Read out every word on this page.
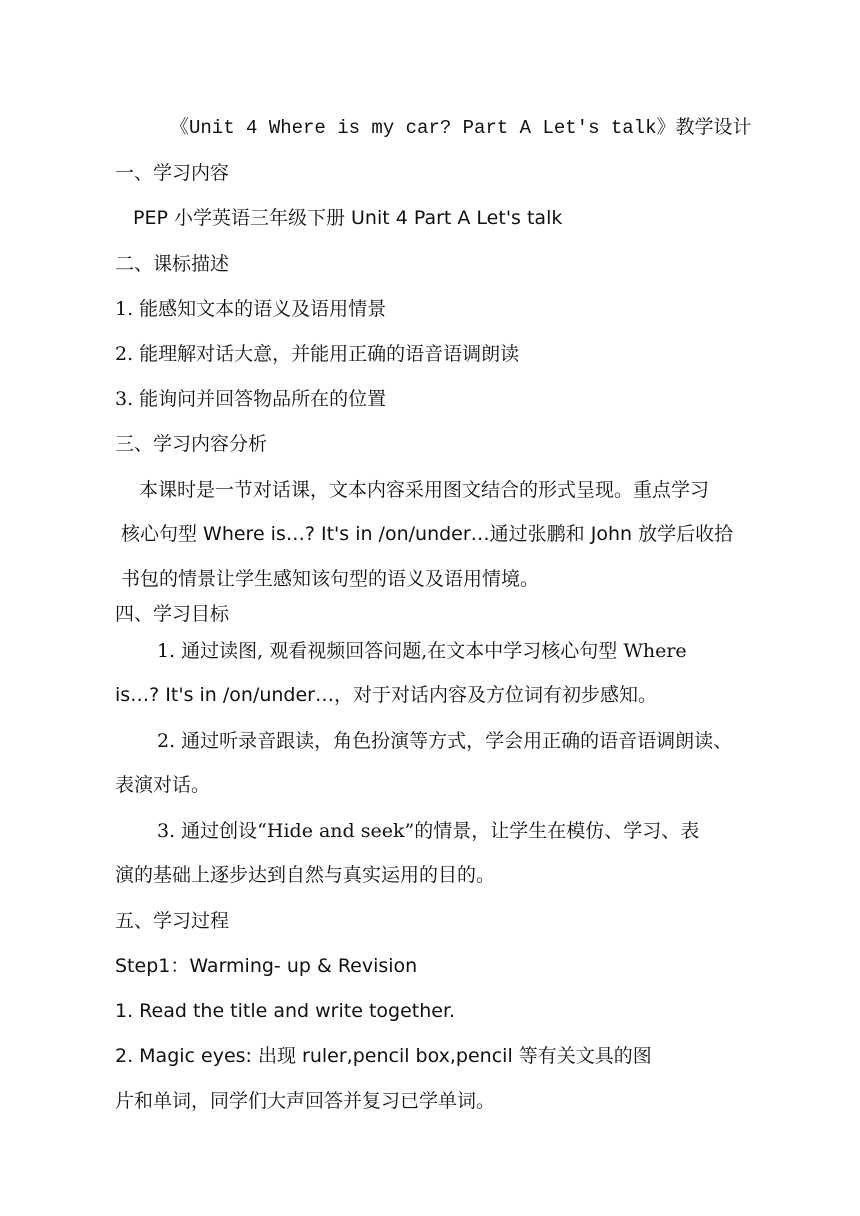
《Unit 4 Where is my car? Part A Let's talk》教学设计
一、学习内容
PEP 小学英语三年级下册 Unit 4 Part A Let's talk
二、课标描述
1. 能感知文本的语义及语用情景
2. 能理解对话大意，并能用正确的语音语调朗读
3. 能询问并回答物品所在的位置
三、学习内容分析
本课时是一节对话课，文本内容采用图文结合的形式呈现。重点学习
核心句型 Where is…? It's in /on/under…通过张鹏和 John 放学后收拾
书包的情景让学生感知该句型的语义及语用情境。
四、学习目标
1. 通过读图, 观看视频回答问题,在文本中学习核心句型 Where
is…? It's in /on/under…，对于对话内容及方位词有初步感知。
2. 通过听录音跟读，角色扮演等方式，学会用正确的语音语调朗读、
表演对话。
3. 通过创设“Hide and seek”的情景，让学生在模仿、学习、表
演的基础上逐步达到自然与真实运用的目的。
五、学习过程
Step1：Warming- up & Revision
1. Read the title and write together.
2. Magic eyes: 出现 ruler,pencil box,pencil 等有关文具的图
片和单词，同学们大声回答并复习已学单词。
